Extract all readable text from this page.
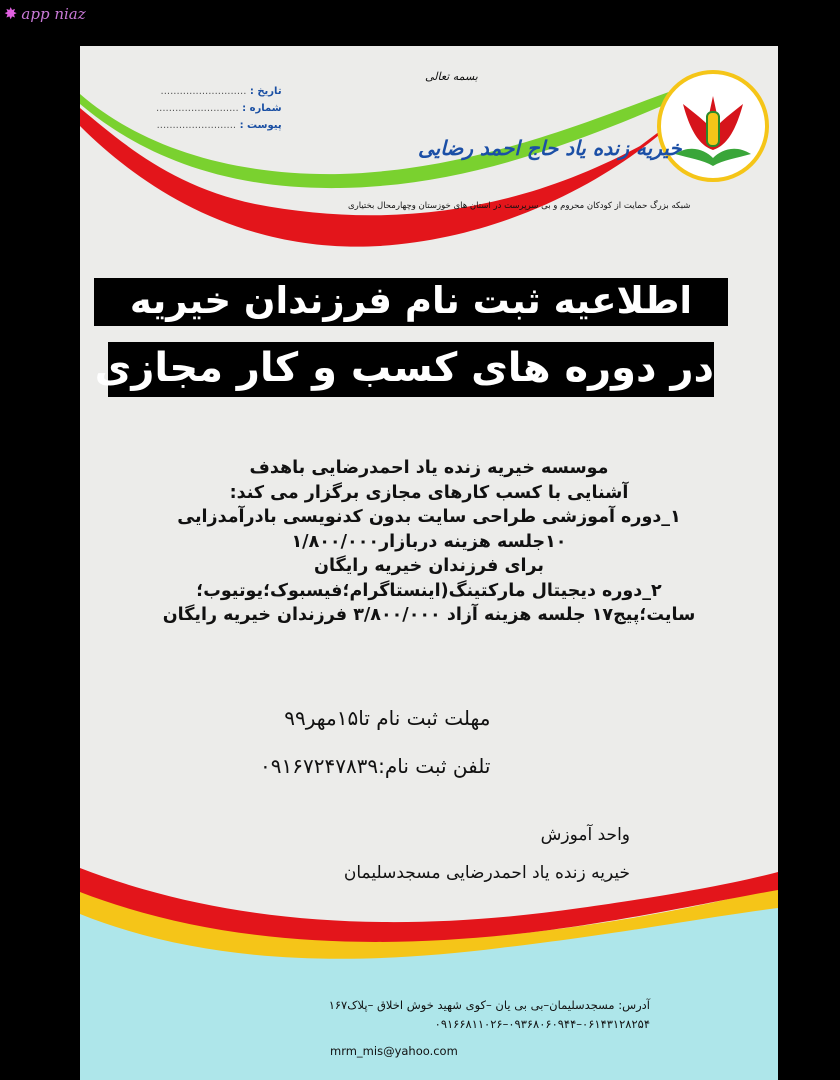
✸ app niaz
بسمه تعالی
تاریخ : ...........................
شماره : ..........................
پیوست : .........................
خیریه زنده یاد حاج احمد رضایی
شبکه بزرگ حمایت از کودکان محروم و بی سرپرست در استان های خوزستان وچهارمحال بختیاری
اطلاعیه ثبت نام فرزندان خیریه
در دوره های کسب و کار مجازی
موسسه خیریه زنده یاد احمدرضایی باهدف
آشنایی با کسب کارهای مجازی برگزار می کند:
۱_دوره آموزشی طراحی سایت بدون کدنویسی بادرآمدزایی
۱۰جلسه هزینه دربازار۱/۸۰۰/۰۰۰
برای فرزندان خیریه رایگان
۲_دوره دیجیتال مارکتینگ(اینستاگرام؛فیسبوک؛یوتیوب؛
سایت؛پیج۱۷ جلسه هزینه آزاد ۳/۸۰۰/۰۰۰ فرزندان خیریه رایگان
مهلت ثبت نام تا۱۵مهر۹۹
تلفن ثبت نام:۰۹۱۶۷۲۴۷۸۳۹
واحد آموزش
خیریه زنده یاد احمدرضایی مسجدسلیمان
آدرس: مسجدسلیمان–بی بی یان –کوی شهید خوش اخلاق –پلاک۱۶۷
۰۶۱۴۳۱۲۸۲۵۴–۰۹۳۶۸۰۶۰۹۴۴–۰۹۱۶۶۸۱۱۰۲۶
mrm_mis@yahoo.com
